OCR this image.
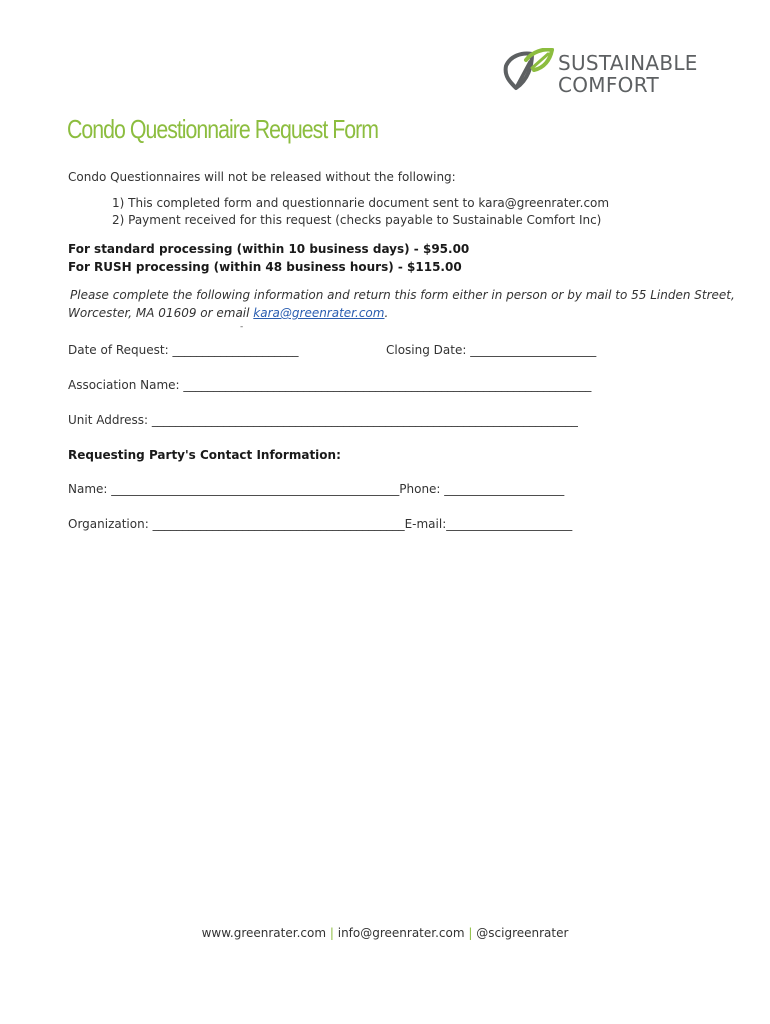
SUSTAINABLE
COMFORT
Condo Questionnaire Request Form
Condo Questionnaires will not be released without the following:
1) This completed form and questionnarie document sent to kara@greenrater.com
2) Payment received for this request (checks payable to Sustainable Comfort Inc)
For standard processing (within 10 business days) - $95.00
For RUSH processing (within 48 business hours) - $115.00
Please complete the following information and return this form either in person or by mail to 55 Linden Street,
Worcester, MA 01609 or email kara@greenrater.com.
-
Date of Request: _____________________	Closing Date: _____________________
Association Name: ____________________________________________________________________
Unit Address: _______________________________________________________________________
Requesting Party's Contact Information:
Name: ________________________________________________Phone: ____________________
Organization: __________________________________________E-mail:_____________________
www.greenrater.com | info@greenrater.com | @scigreenrater
